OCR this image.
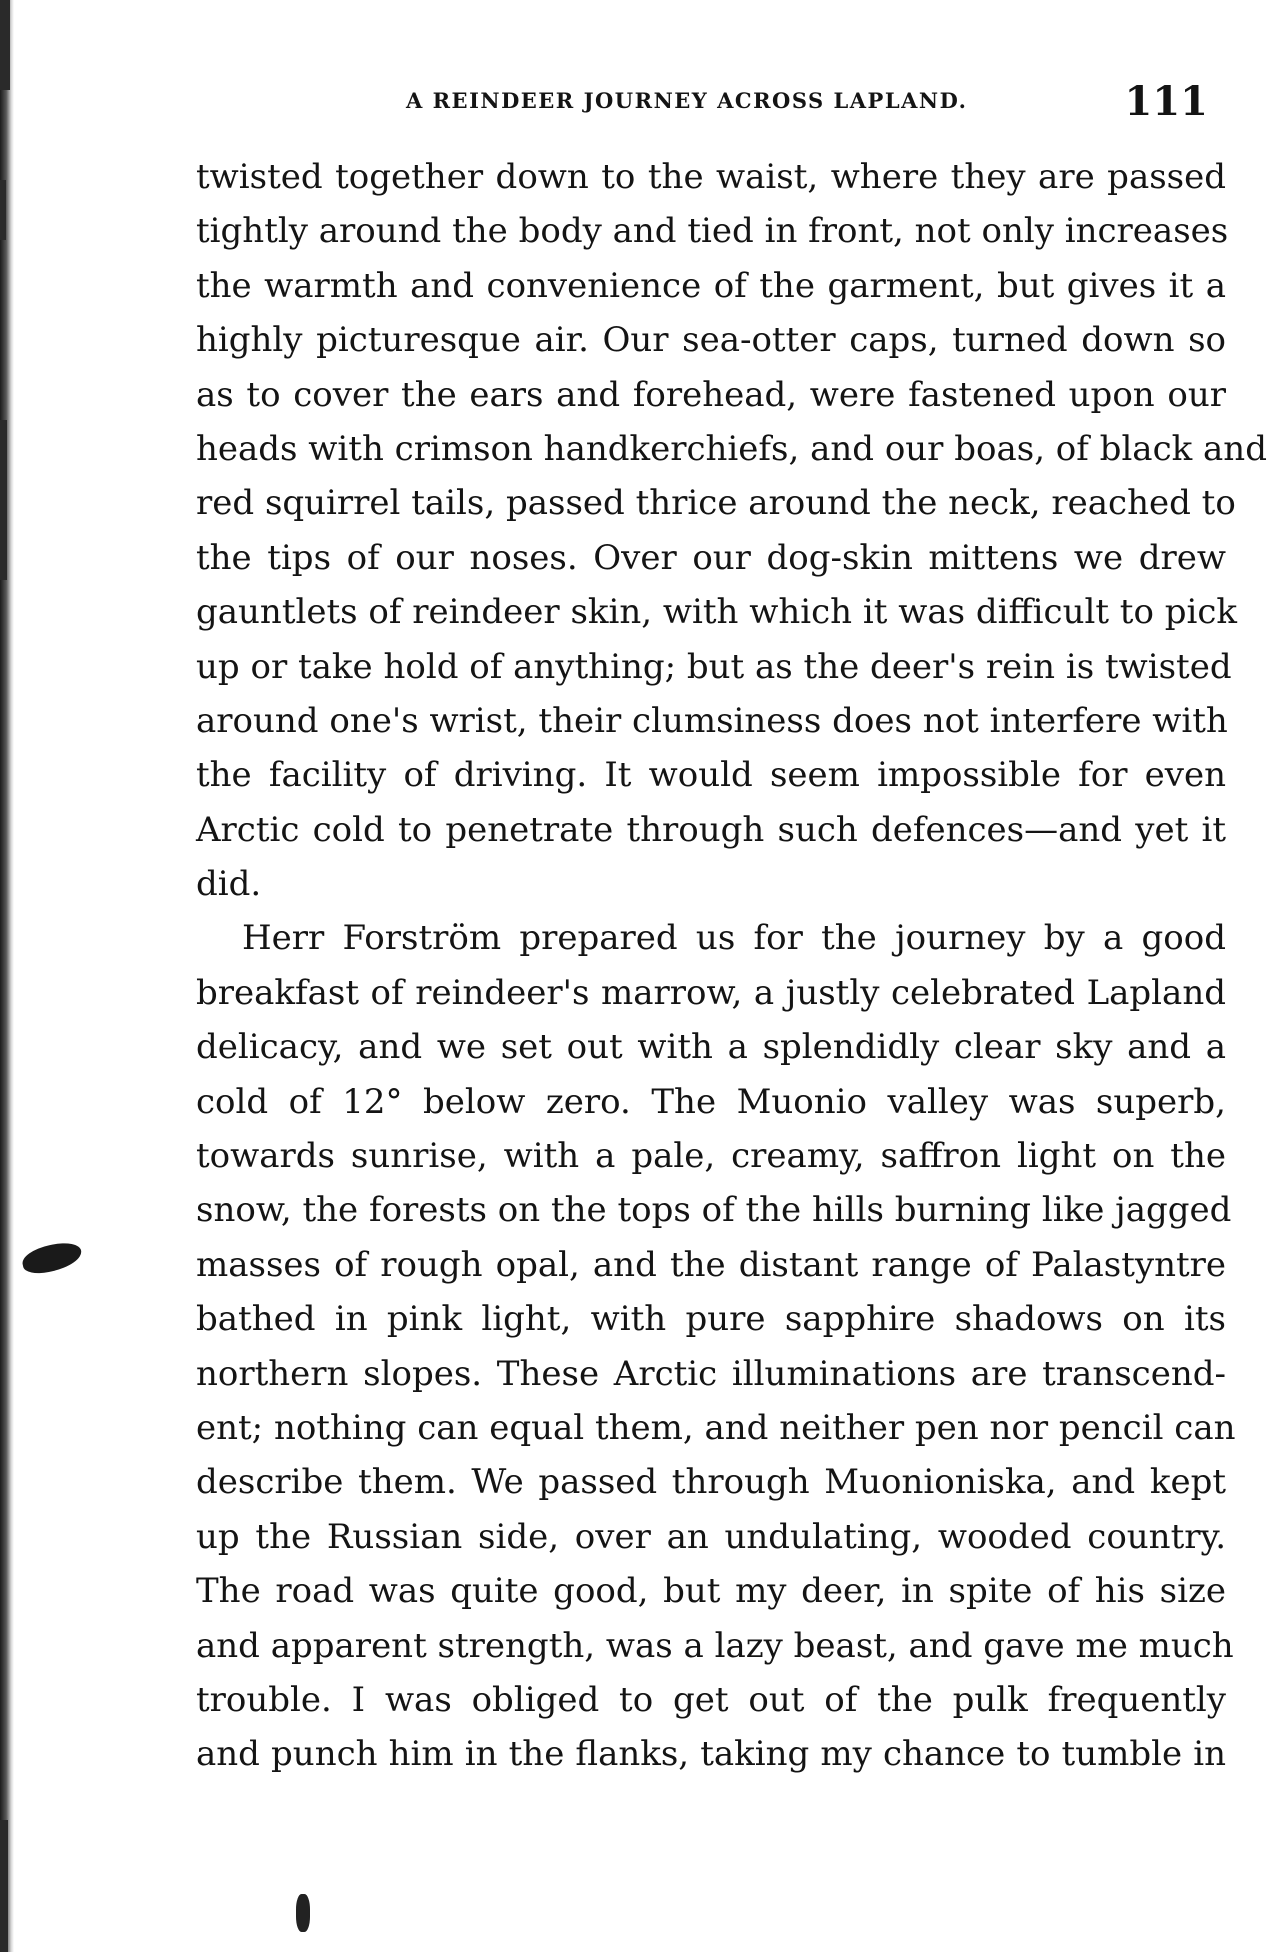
A REINDEER JOURNEY ACROSS LAPLAND.	111
twisted together down to the waist, where they are passed
tightly around the body and tied in front, not only increases
the warmth and convenience of the garment, but gives it a
highly picturesque air. Our sea-otter caps, turned down so
as to cover the ears and forehead, were fastened upon our
heads with crimson handkerchiefs, and our boas, of black and
red squirrel tails, passed thrice around the neck, reached to
the tips of our noses. Over our dog-skin mittens we drew
gauntlets of reindeer skin, with which it was difficult to pick
up or take hold of anything; but as the deer's rein is twisted
around one's wrist, their clumsiness does not interfere with
the facility of driving. It would seem impossible for even
Arctic cold to penetrate through such defences—and yet it
did.
Herr Forström prepared us for the journey by a good
breakfast of reindeer's marrow, a justly celebrated Lapland
delicacy, and we set out with a splendidly clear sky and a
cold of 12° below zero. The Muonio valley was superb,
towards sunrise, with a pale, creamy, saffron light on the
snow, the forests on the tops of the hills burning like jagged
masses of rough opal, and the distant range of Palastyntre
bathed in pink light, with pure sapphire shadows on its
northern slopes. These Arctic illuminations are transcend-
ent; nothing can equal them, and neither pen nor pencil can
describe them. We passed through Muonioniska, and kept
up the Russian side, over an undulating, wooded country.
The road was quite good, but my deer, in spite of his size
and apparent strength, was a lazy beast, and gave me much
trouble. I was obliged to get out of the pulk frequently
and punch him in the flanks, taking my chance to tumble in
